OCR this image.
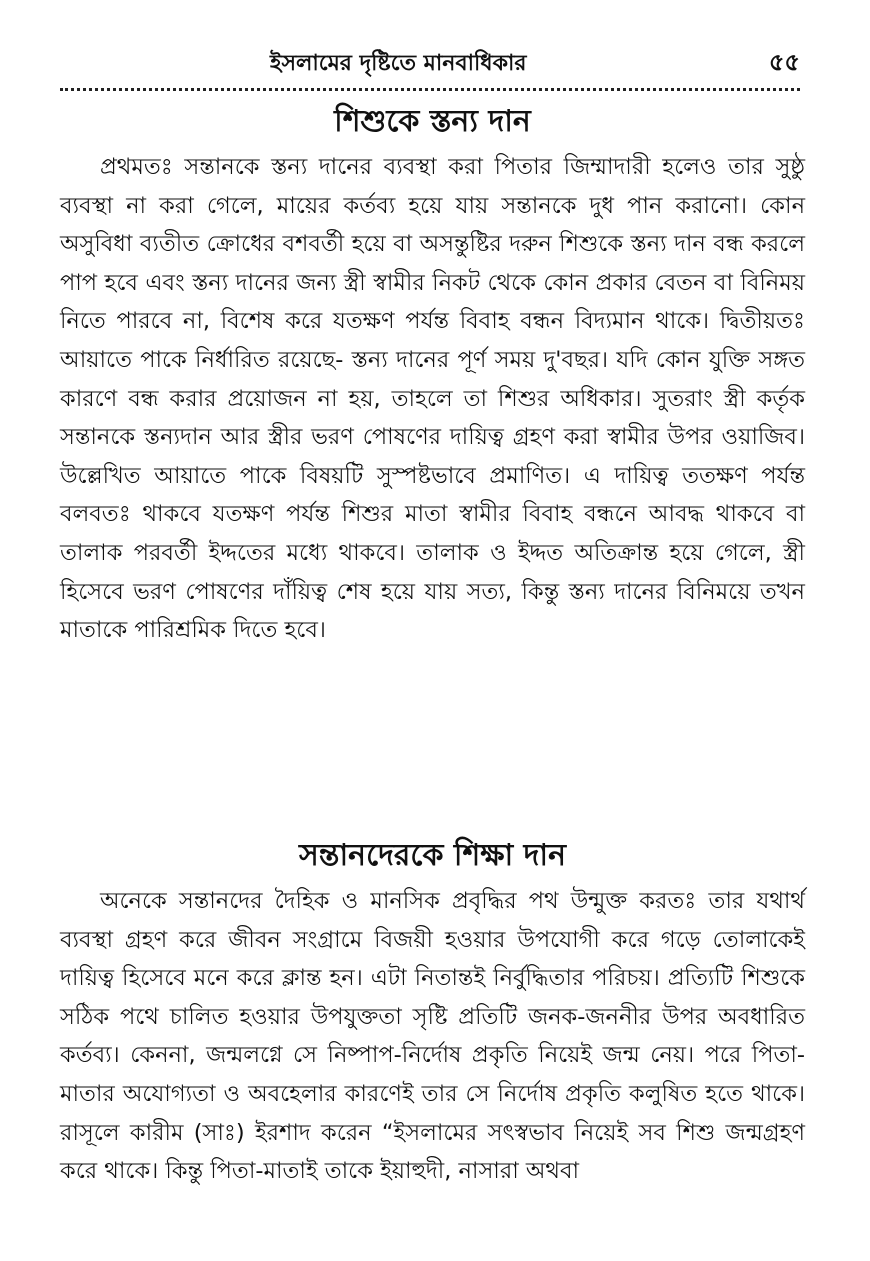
ইসলামের দৃষ্টিতে মানবাধিকার	৫৫
শিশুকে স্তন্য দান

প্রথমতঃ সন্তানকে স্তন্য দানের ব্যবস্থা করা পিতার জিম্মাদারী হলেও তার সুষ্ঠু ব্যবস্থা না করা গেলে, মায়ের কর্তব্য হয়ে যায় সন্তানকে দুধ পান করানো। কোন অসুবিধা ব্যতীত ক্রোধের বশবর্তী হয়ে বা অসন্তুষ্টির দরুন শিশুকে স্তন্য দান বন্ধ করলে পাপ হবে এবং স্তন্য দানের জন্য স্ত্রী স্বামীর নিকট থেকে কোন প্রকার বেতন বা বিনিময় নিতে পারবে না, বিশেষ করে যতক্ষণ পর্যন্ত বিবাহ বন্ধন বিদ্যমান থাকে। দ্বিতীয়তঃ আয়াতে পাকে নির্ধারিত রয়েছে- স্তন্য দানের পূর্ণ সময় দু'বছর। যদি কোন যুক্তি সঙ্গত কারণে বন্ধ করার প্রয়োজন না হয়, তাহলে তা শিশুর অধিকার। সুতরাং স্ত্রী কর্তৃক সন্তানকে স্তন্যদান আর স্ত্রীর ভরণ পোষণের দায়িত্ব গ্রহণ করা স্বামীর উপর ওয়াজিব। উল্লেখিত আয়াতে পাকে বিষয়টি সুস্পষ্টভাবে প্রমাণিত। এ দায়িত্ব ততক্ষণ পর্যন্ত বলবতঃ থাকবে যতক্ষণ পর্যন্ত শিশুর মাতা স্বামীর বিবাহ বন্ধনে আবদ্ধ থাকবে বা তালাক পরবর্তী ইদ্দতের মধ্যে থাকবে। তালাক ও ইদ্দত অতিক্রান্ত হয়ে গেলে, স্ত্রী হিসেবে ভরণ পোষণের দাঁয়িত্ব শেষ হয়ে যায় সত্য, কিন্তু স্তন্য দানের বিনিময়ে তখন মাতাকে পারিশ্রমিক দিতে হবে।

সন্তানদেরকে শিক্ষা দান

অনেকে সন্তানদের দৈহিক ও মানসিক প্রবৃদ্ধির পথ উন্মুক্ত করতঃ তার যথার্থ ব্যবস্থা গ্রহণ করে জীবন সংগ্রামে বিজয়ী হওয়ার উপযোগী করে গড়ে তোলাকেই দায়িত্ব হিসেবে মনে করে ক্লান্ত হন। এটা নিতান্তই নির্বুদ্ধিতার পরিচয়। প্রত্যিটি শিশুকে সঠিক পথে চালিত হওয়ার উপযুক্ততা সৃষ্টি প্রতিটি জনক-জননীর উপর অবধারিত কর্তব্য। কেননা, জন্মলগ্নে সে নিষ্পাপ-নির্দোষ প্রকৃতি নিয়েই জন্ম নেয়। পরে পিতা-মাতার অযোগ্যতা ও অবহেলার কারণেই তার সে নির্দোষ প্রকৃতি কলুষিত হতে থাকে। রাসূলে কারীম (সাঃ) ইরশাদ করেন “ইসলামের সৎস্বভাব নিয়েই সব শিশু জন্মগ্রহণ করে থাকে। কিন্তু পিতা-মাতাই তাকে ইয়াহুদী, নাসারা অথবা
